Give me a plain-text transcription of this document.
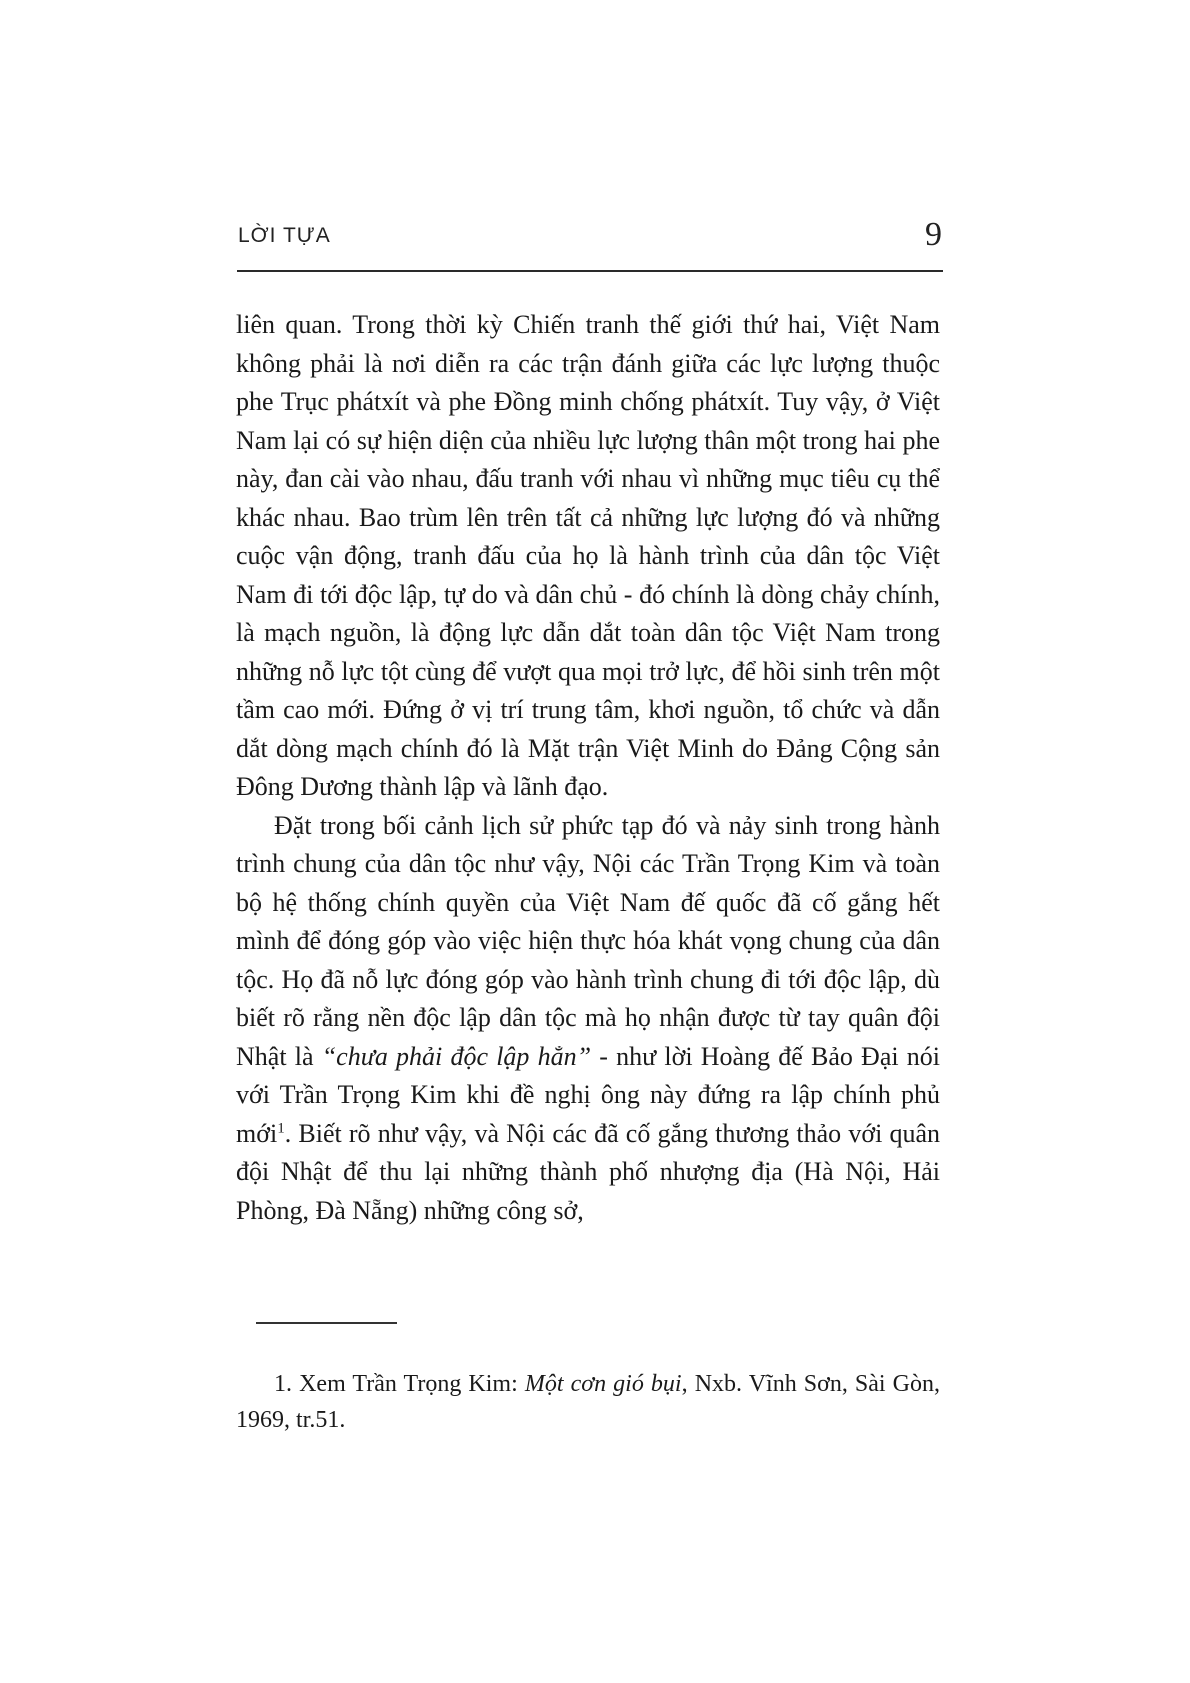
LỜI TỰA	9

liên quan. Trong thời kỳ Chiến tranh thế giới thứ hai, Việt Nam không phải là nơi diễn ra các trận đánh giữa các lực lượng thuộc phe Trục phátxít và phe Đồng minh chống phátxít. Tuy vậy, ở Việt Nam lại có sự hiện diện của nhiều lực lượng thân một trong hai phe này, đan cài vào nhau, đấu tranh với nhau vì những mục tiêu cụ thể khác nhau. Bao trùm lên trên tất cả những lực lượng đó và những cuộc vận động, tranh đấu của họ là hành trình của dân tộc Việt Nam đi tới độc lập, tự do và dân chủ - đó chính là dòng chảy chính, là mạch nguồn, là động lực dẫn dắt toàn dân tộc Việt Nam trong những nỗ lực tột cùng để vượt qua mọi trở lực, để hồi sinh trên một tầm cao mới. Đứng ở vị trí trung tâm, khơi nguồn, tổ chức và dẫn dắt dòng mạch chính đó là Mặt trận Việt Minh do Đảng Cộng sản Đông Dương thành lập và lãnh đạo.

Đặt trong bối cảnh lịch sử phức tạp đó và nảy sinh trong hành trình chung của dân tộc như vậy, Nội các Trần Trọng Kim và toàn bộ hệ thống chính quyền của Việt Nam đế quốc đã cố gắng hết mình để đóng góp vào việc hiện thực hóa khát vọng chung của dân tộc. Họ đã nỗ lực đóng góp vào hành trình chung đi tới độc lập, dù biết rõ rằng nền độc lập dân tộc mà họ nhận được từ tay quân đội Nhật là “chưa phải độc lập hẳn” - như lời Hoàng đế Bảo Đại nói với Trần Trọng Kim khi đề nghị ông này đứng ra lập chính phủ mới$^1$. Biết rõ như vậy, và Nội các đã cố gắng thương thảo với quân đội Nhật để thu lại những thành phố nhượng địa (Hà Nội, Hải Phòng, Đà Nẵng) những công sở,

1. Xem Trần Trọng Kim: Một cơn gió bụi, Nxb. Vĩnh Sơn, Sài Gòn, 1969, tr.51.
